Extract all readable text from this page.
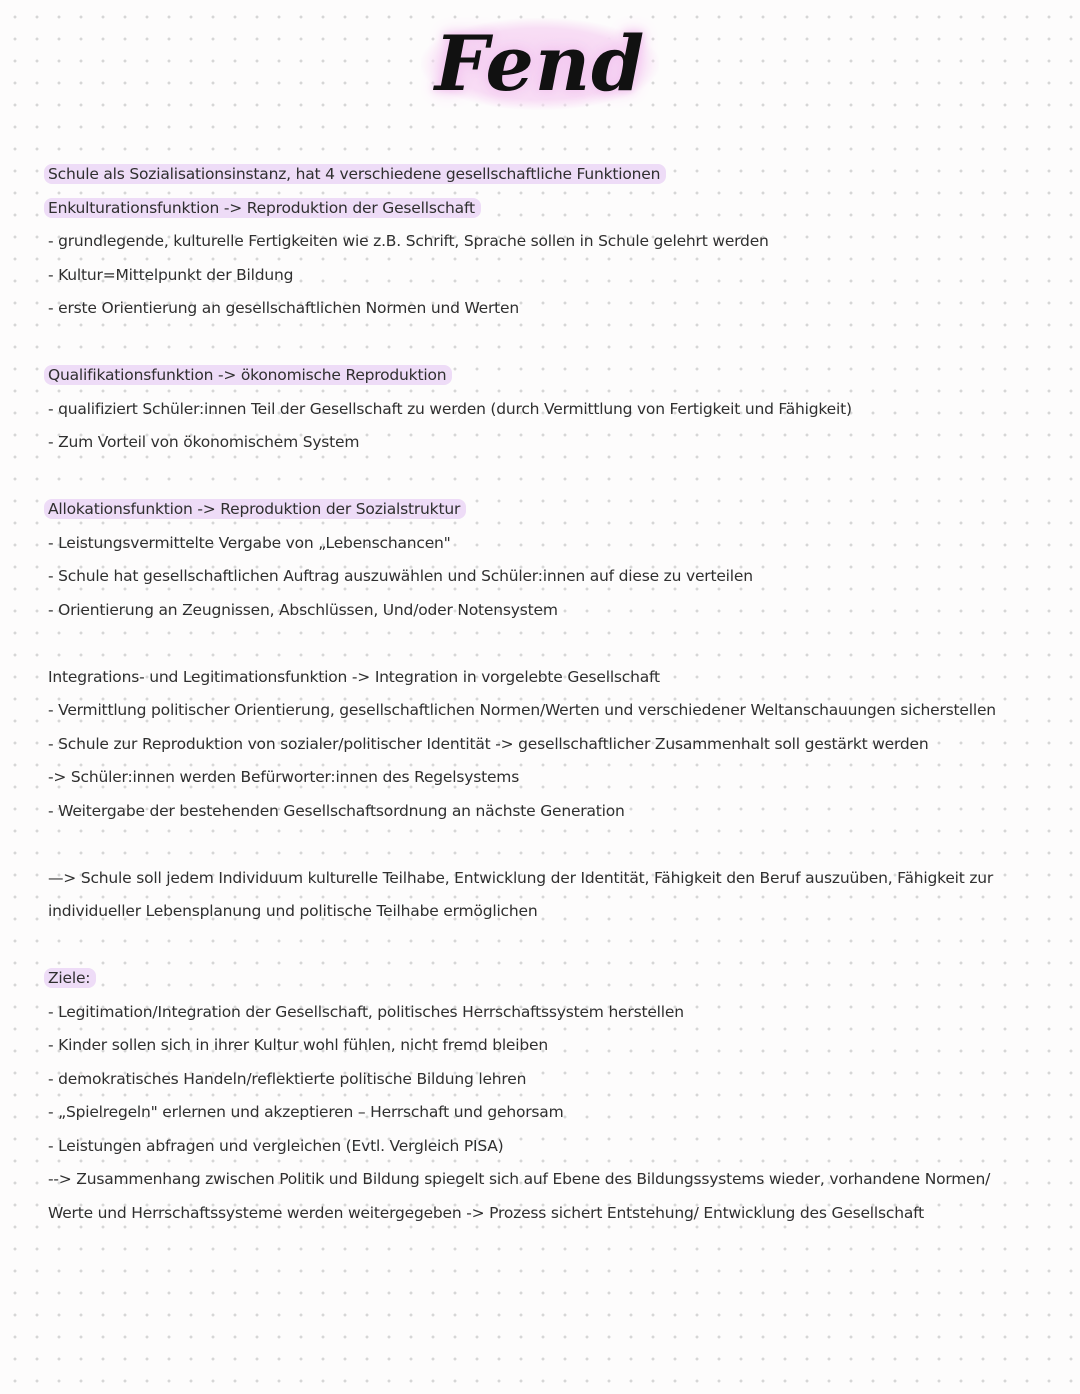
Fend
Schule als Sozialisationsinstanz, hat 4 verschiedene gesellschaftliche Funktionen
Enkulturationsfunktion -> Reproduktion der Gesellschaft
- grundlegende, kulturelle Fertigkeiten wie z.B. Schrift, Sprache sollen in Schule gelehrt werden
- Kultur=Mittelpunkt der Bildung
- erste Orientierung an gesellschaftlichen Normen und Werten
Qualifikationsfunktion -> ökonomische Reproduktion
- qualifiziert Schüler:innen Teil der Gesellschaft zu werden (durch Vermittlung von Fertigkeit und Fähigkeit)
- Zum Vorteil von ökonomischem System
Allokationsfunktion -> Reproduktion der Sozialstruktur
- Leistungsvermittelte Vergabe von „Lebenschancen"
- Schule hat gesellschaftlichen Auftrag auszuwählen und Schüler:innen auf diese zu verteilen
- Orientierung an Zeugnissen, Abschlüssen, Und/oder Notensystem
Integrations- und Legitimationsfunktion -> Integration in vorgelebte Gesellschaft
- Vermittlung politischer Orientierung, gesellschaftlichen Normen/Werten und verschiedener Weltanschauungen sicherstellen
- Schule zur Reproduktion von sozialer/politischer Identität -> gesellschaftlicher Zusammenhalt soll gestärkt werden
-> Schüler:innen werden Befürworter:innen des Regelsystems
- Weitergabe der bestehenden Gesellschaftsordnung an nächste Generation
—> Schule soll jedem Individuum kulturelle Teilhabe, Entwicklung der Identität, Fähigkeit den Beruf auszuüben, Fähigkeit zur individueller Lebensplanung und politische Teilhabe ermöglichen
Ziele:
- Legitimation/Integration der Gesellschaft, politisches Herrschaftssystem herstellen
- Kinder sollen sich in ihrer Kultur wohl fühlen, nicht fremd bleiben
- demokratisches Handeln/reflektierte politische Bildung lehren
- „Spielregeln" erlernen und akzeptieren – Herrschaft und gehorsam
- Leistungen abfragen und vergleichen (Evtl. Vergleich PISA)
--> Zusammenhang zwischen Politik und Bildung spiegelt sich auf Ebene des Bildungssystems wieder, vorhandene Normen/ Werte und Herrschaftssysteme werden weitergegeben -> Prozess sichert Entstehung/ Entwicklung des Gesellschaft
